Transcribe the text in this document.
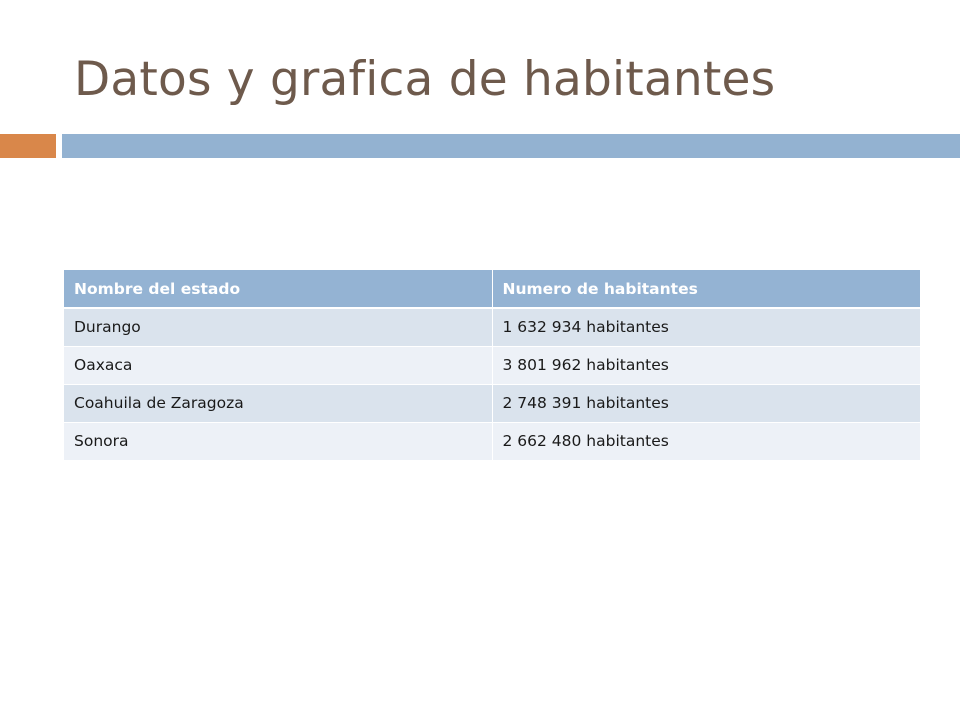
Datos y grafica de habitantes
Nombre del estado	Numero de habitantes
Durango	1 632 934 habitantes
Oaxaca	3 801 962 habitantes
Coahuila de Zaragoza	2 748 391 habitantes
Sonora	2 662 480 habitantes
